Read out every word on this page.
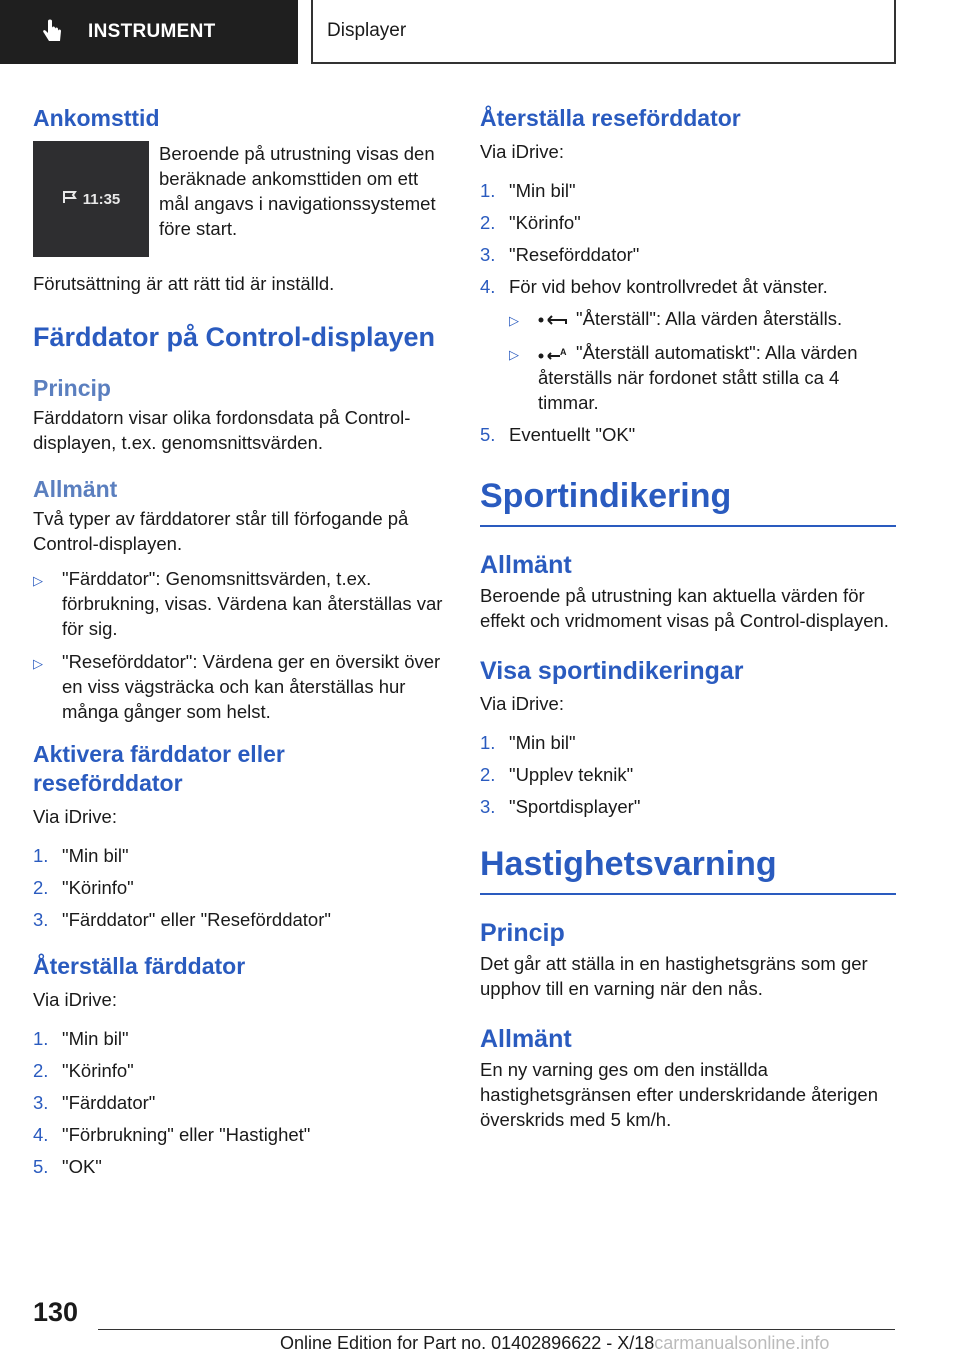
INSTRUMENT	Displayer
Ankomsttid
11:35
Beroende på utrustning visas den beräknade ankomsttiden om ett mål angavs i navigationssystemet före start.

Förutsättning är att rätt tid är inställd.

Färddator på Control-displayen
Princip

Färddatorn visar olika fordonsdata på Control-displayen, t.ex. genomsnittsvärden.

Allmänt

Två typer av färddatorer står till förfogande på Control-displayen.

▷	"Färddator": Genomsnittsvärden, t.ex. förbrukning, visas. Värdena kan återställas var för sig.
▷	"Reseförddator": Värdena ger en översikt över en viss vägsträcka och kan återställas hur många gånger som helst.
Aktivera färddator eller reseförddator

Via iDrive:

1. "Min bil"
2. "Körinfo"
3. "Färddator" eller "Reseförddator"
Återställa färddator

Via iDrive:

1. "Min bil"
2. "Körinfo"
3. "Färddator"
4. "Förbrukning" eller "Hastighet"
5. "OK"
Återställa reseförddator

Via iDrive:

1. "Min bil"
2. "Körinfo"
3. "Reseförddator"
4. För vid behov kontrollvredet åt vänster.
▷	"Återställ": Alla värden återställs.
▷	A "Återställ automatiskt": Alla värden återställs när fordonet stått stilla ca 4 timmar.
5. Eventuellt "OK"
Sportindikering
Allmänt

Beroende på utrustning kan aktuella värden för effekt och vridmoment visas på Control-displayen.

Visa sportindikeringar

Via iDrive:

1. "Min bil"
2. "Upplev teknik"
3. "Sportdisplayer"
Hastighetsvarning
Princip

Det går att ställa in en hastighetsgräns som ger upphov till en varning när den nås.

Allmänt

En ny varning ges om den inställda hastighetsgränsen efter underskridande återigen överskrids med 5 km/h.

130
Online Edition for Part no. 01402896622 - X/18carmanualsonline.info
